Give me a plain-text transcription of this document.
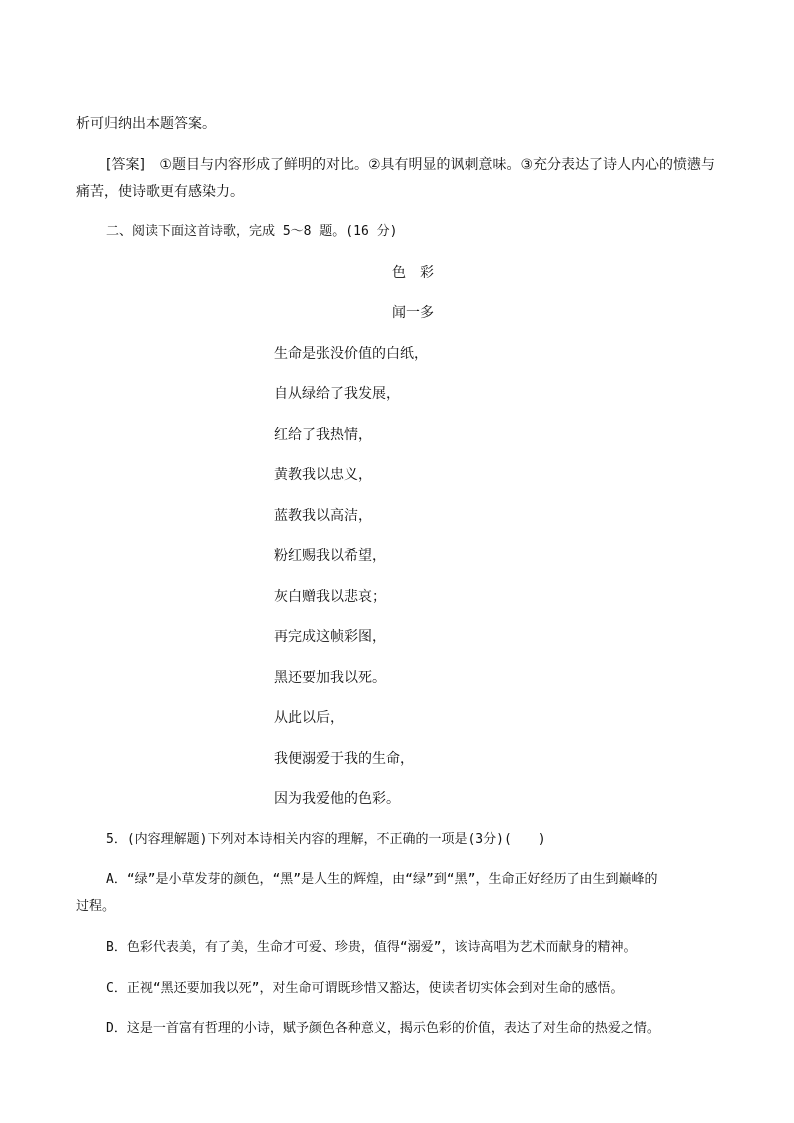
析可归纳出本题答案。
[答案] ①题目与内容形成了鲜明的对比。②具有明显的讽刺意味。③充分表达了诗人内心的愤懑与
痛苦，使诗歌更有感染力。
二、阅读下面这首诗歌，完成 5～8 题。(16 分)
色　彩
闻一多
生命是张没价值的白纸，
自从绿给了我发展，
红给了我热情，
黄教我以忠义，
蓝教我以高洁，
粉红赐我以希望，
灰白赠我以悲哀；
再完成这帧彩图，
黑还要加我以死。
从此以后，
我便溺爱于我的生命，
因为我爱他的色彩。
5．(内容理解题)下列对本诗相关内容的理解，不正确的一项是(3分)(　　)
A．“绿”是小草发芽的颜色，“黑”是人生的辉煌，由“绿”到“黑”，生命正好经历了由生到巅峰的
过程。
B．色彩代表美，有了美，生命才可爱、珍贵，值得“溺爱”，该诗高唱为艺术而献身的精神。
C．正视“黑还要加我以死”，对生命可谓既珍惜又豁达，使读者切实体会到对生命的感悟。
D．这是一首富有哲理的小诗，赋予颜色各种意义，揭示色彩的价值，表达了对生命的热爱之情。
